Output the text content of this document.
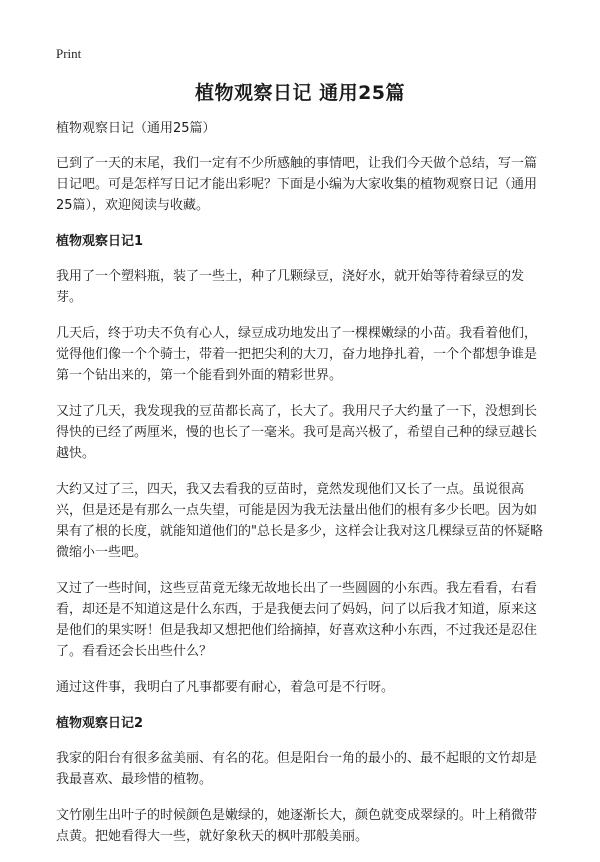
Print
植物观察日记 通用25篇

植物观察日记（通用25篇）

已到了一天的末尾，我们一定有不少所感触的事情吧，让我们今天做个总结，写一篇日记吧。可是怎样写日记才能出彩呢？下面是小编为大家收集的植物观察日记（通用25篇），欢迎阅读与收藏。

植物观察日记1

我用了一个塑料瓶，装了一些土，种了几颗绿豆，浇好水，就开始等待着绿豆的发芽。

几天后，终于功夫不负有心人，绿豆成功地发出了一棵棵嫩绿的小苗。我看着他们，觉得他们像一个个骑士，带着一把把尖利的大刀，奋力地挣扎着，一个个都想争谁是第一个钻出来的，第一个能看到外面的精彩世界。

又过了几天，我发现我的豆苗都长高了，长大了。我用尺子大约量了一下，没想到长得快的已经了两厘米，慢的也长了一毫米。我可是高兴极了，希望自己种的绿豆越长越快。

大约又过了三，四天，我又去看我的豆苗时，竟然发现他们又长了一点。虽说很高兴，但是还是有那么一点失望，可能是因为我无法量出他们的根有多少长吧。因为如果有了根的长度，就能知道他们的"总长是多少，这样会让我对这几棵绿豆苗的怀疑略微缩小一些吧。

又过了一些时间，这些豆苗竟无缘无故地长出了一些圆圆的小东西。我左看看，右看看，却还是不知道这是什么东西，于是我便去问了妈妈，问了以后我才知道，原来这是他们的果实呀！但是我却又想把他们给摘掉，好喜欢这种小东西，不过我还是忍住了。看看还会长出些什么？

通过这件事，我明白了凡事都要有耐心，着急可是不行呀。

植物观察日记2

我家的阳台有很多盆美丽、有名的花。但是阳台一角的最小的、最不起眼的文竹却是我最喜欢、最珍惜的植物。

文竹刚生出叶子的时候颜色是嫩绿的，她逐渐长大，颜色就变成翠绿的。叶上稍微带点黄。把她看得大一些，就好象秋天的枫叶那般美丽。
